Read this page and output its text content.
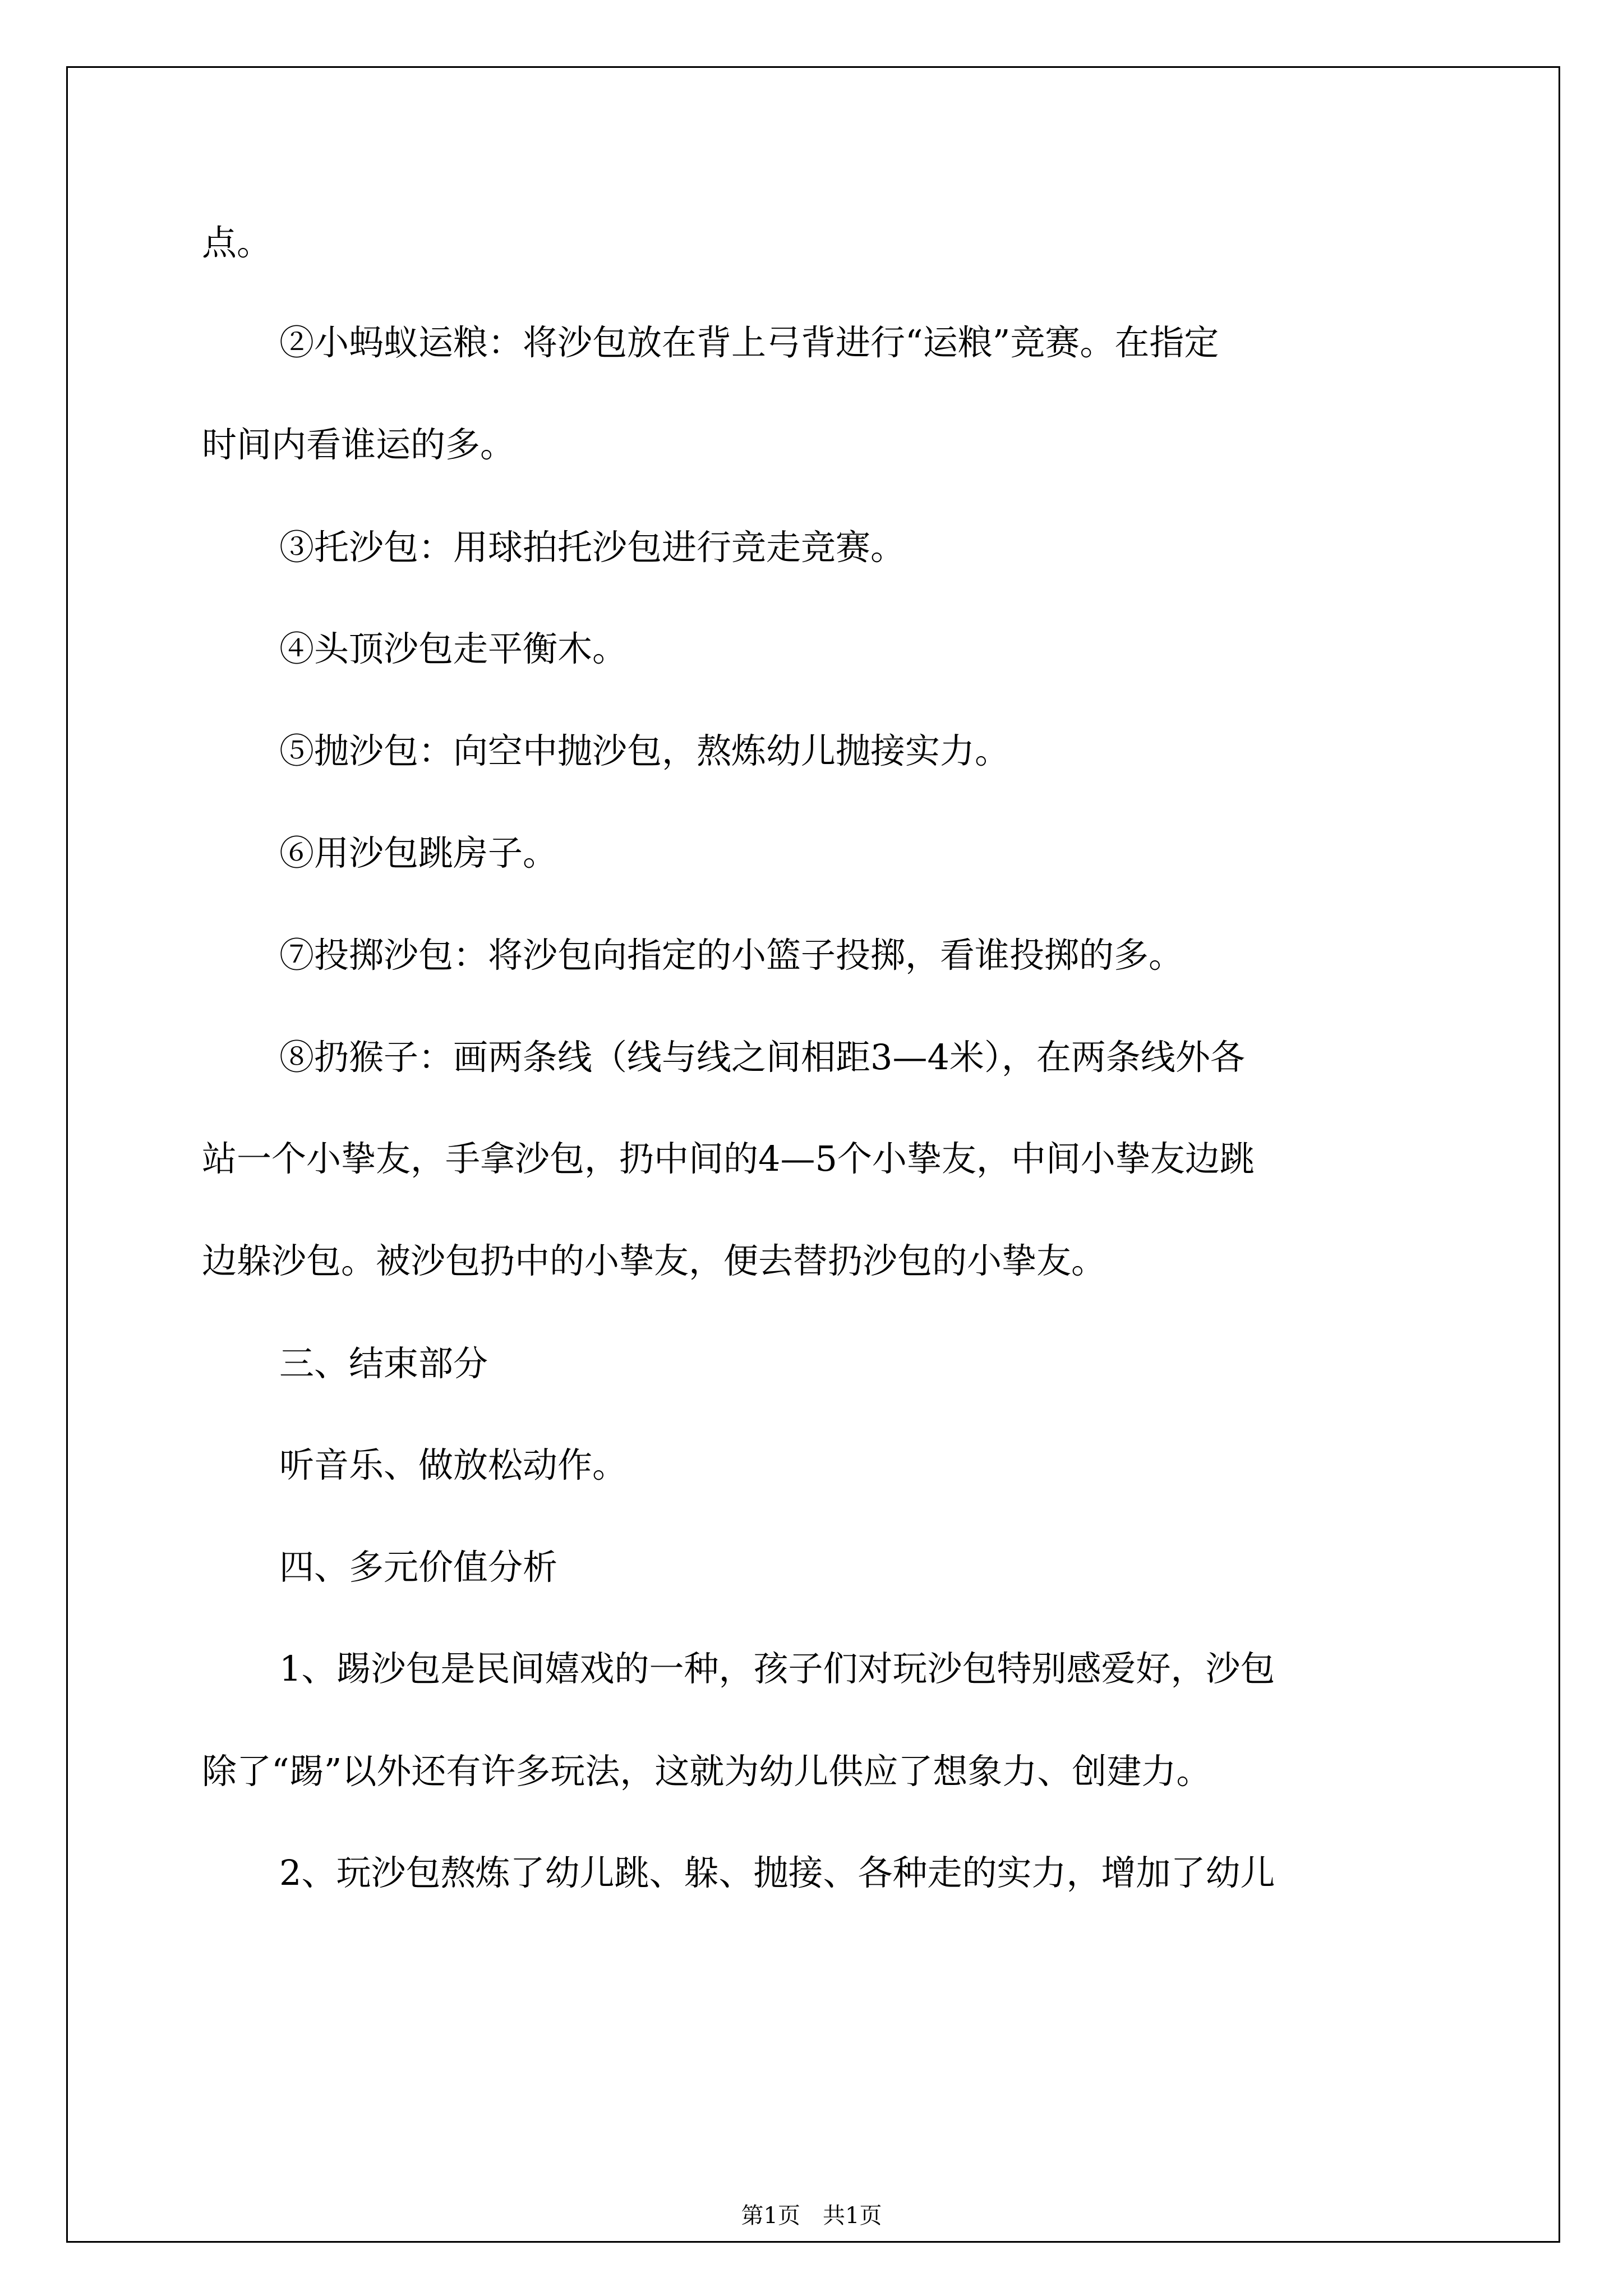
点。
②小蚂蚁运粮：将沙包放在背上弓背进行“运粮”竞赛。在指定
时间内看谁运的多。
③托沙包：用球拍托沙包进行竞走竞赛。
④头顶沙包走平衡木。
⑤抛沙包：向空中抛沙包，熬炼幼儿抛接实力。
⑥用沙包跳房子。
⑦投掷沙包：将沙包向指定的小篮子投掷，看谁投掷的多。
⑧扔猴子：画两条线（线与线之间相距3—4米），在两条线外各
站一个小挚友，手拿沙包，扔中间的4—5个小挚友，中间小挚友边跳
边躲沙包。被沙包扔中的小挚友，便去替扔沙包的小挚友。
三、结束部分
听音乐、做放松动作。
四、多元价值分析
1、踢沙包是民间嬉戏的一种，孩子们对玩沙包特别感爱好，沙包
除了“踢”以外还有许多玩法，这就为幼儿供应了想象力、创建力。
2、玩沙包熬炼了幼儿跳、躲、抛接、各种走的实力，增加了幼儿
第1页　共1页
